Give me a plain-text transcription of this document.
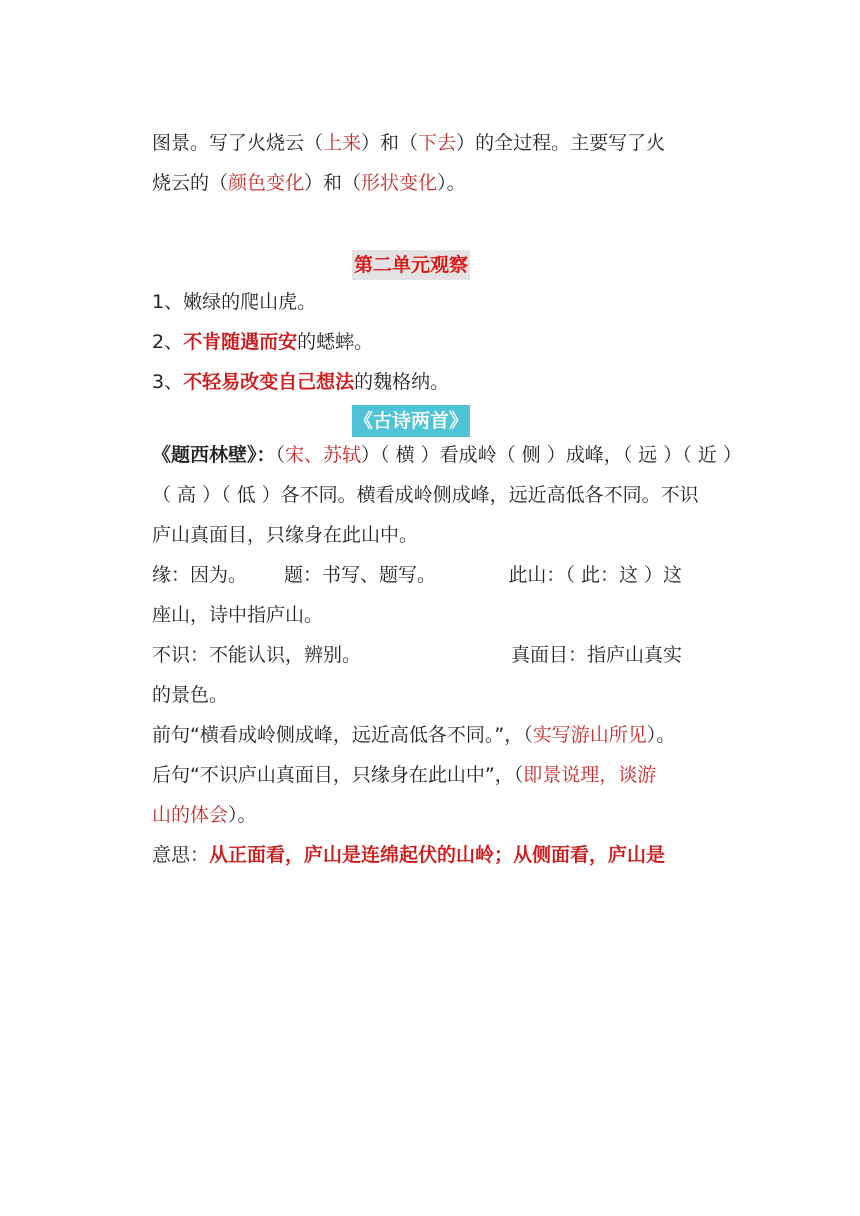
图景。写了火烧云（上来）和（下去）的全过程。主要写了火
烧云的（颜色变化）和（形状变化）。
第二单元观察
1、嫩绿的爬山虎。
2、不肯随遇而安的蟋蟀。
3、不轻易改变自己想法的魏格纳。
《古诗两首》
《题西林壁》：（宋、苏轼）（ 横 ）看成岭（ 侧 ）成峰，（ 远 ）（ 近 ）
（ 高 ）（ 低 ）各不同。横看成岭侧成峰，远近高低各不同。不识
庐山真面目，只缘身在此山中。
缘：因为。 题：书写、题写。	此山：（ 此：这 ）这
座山，诗中指庐山。
不识：不能认识，辨别。	真面目：指庐山真实
的景色。
前句“横看成岭侧成峰，远近高低各不同。”，（实写游山所见）。
后句“不识庐山真面目，只缘身在此山中”，（即景说理，谈游
山的体会）。
意思：从正面看，庐山是连绵起伏的山岭；从侧面看，庐山是
